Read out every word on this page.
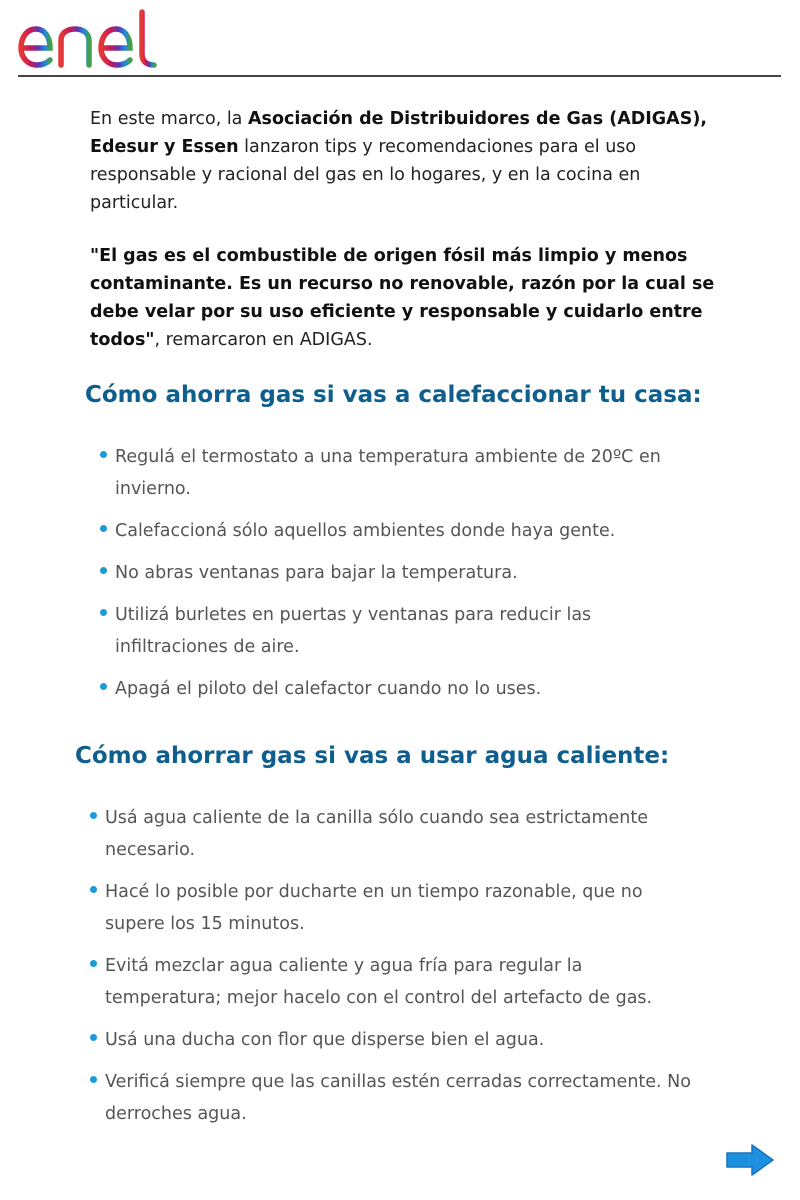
En este marco, la Asociación de Distribuidores de Gas (ADIGAS), Edesur y Essen lanzaron tips y recomendaciones para el uso responsable y racional del gas en lo hogares, y en la cocina en particular.

"El gas es el combustible de origen fósil más limpio y menos contaminante. Es un recurso no renovable, razón por la cual se debe velar por su uso eficiente y responsable y cuidarlo entre todos", remarcaron en ADIGAS.

Cómo ahorra gas si vas a calefaccionar tu casa:
Regulá el termostato a una temperatura ambiente de 20ºC en invierno.
Calefaccioná sólo aquellos ambientes donde haya gente.
No abras ventanas para bajar la temperatura.
Utilizá burletes en puertas y ventanas para reducir las infiltraciones de aire.
Apagá el piloto del calefactor cuando no lo uses.
Cómo ahorrar gas si vas a usar agua caliente:
Usá agua caliente de la canilla sólo cuando sea estrictamente necesario.
Hacé lo posible por ducharte en un tiempo razonable, que no supere los 15 minutos.
Evitá mezclar agua caliente y agua fría para regular la temperatura; mejor hacelo con el control del artefacto de gas.
Usá una ducha con flor que disperse bien el agua.
Verificá siempre que las canillas estén cerradas correctamente. No derroches agua.
